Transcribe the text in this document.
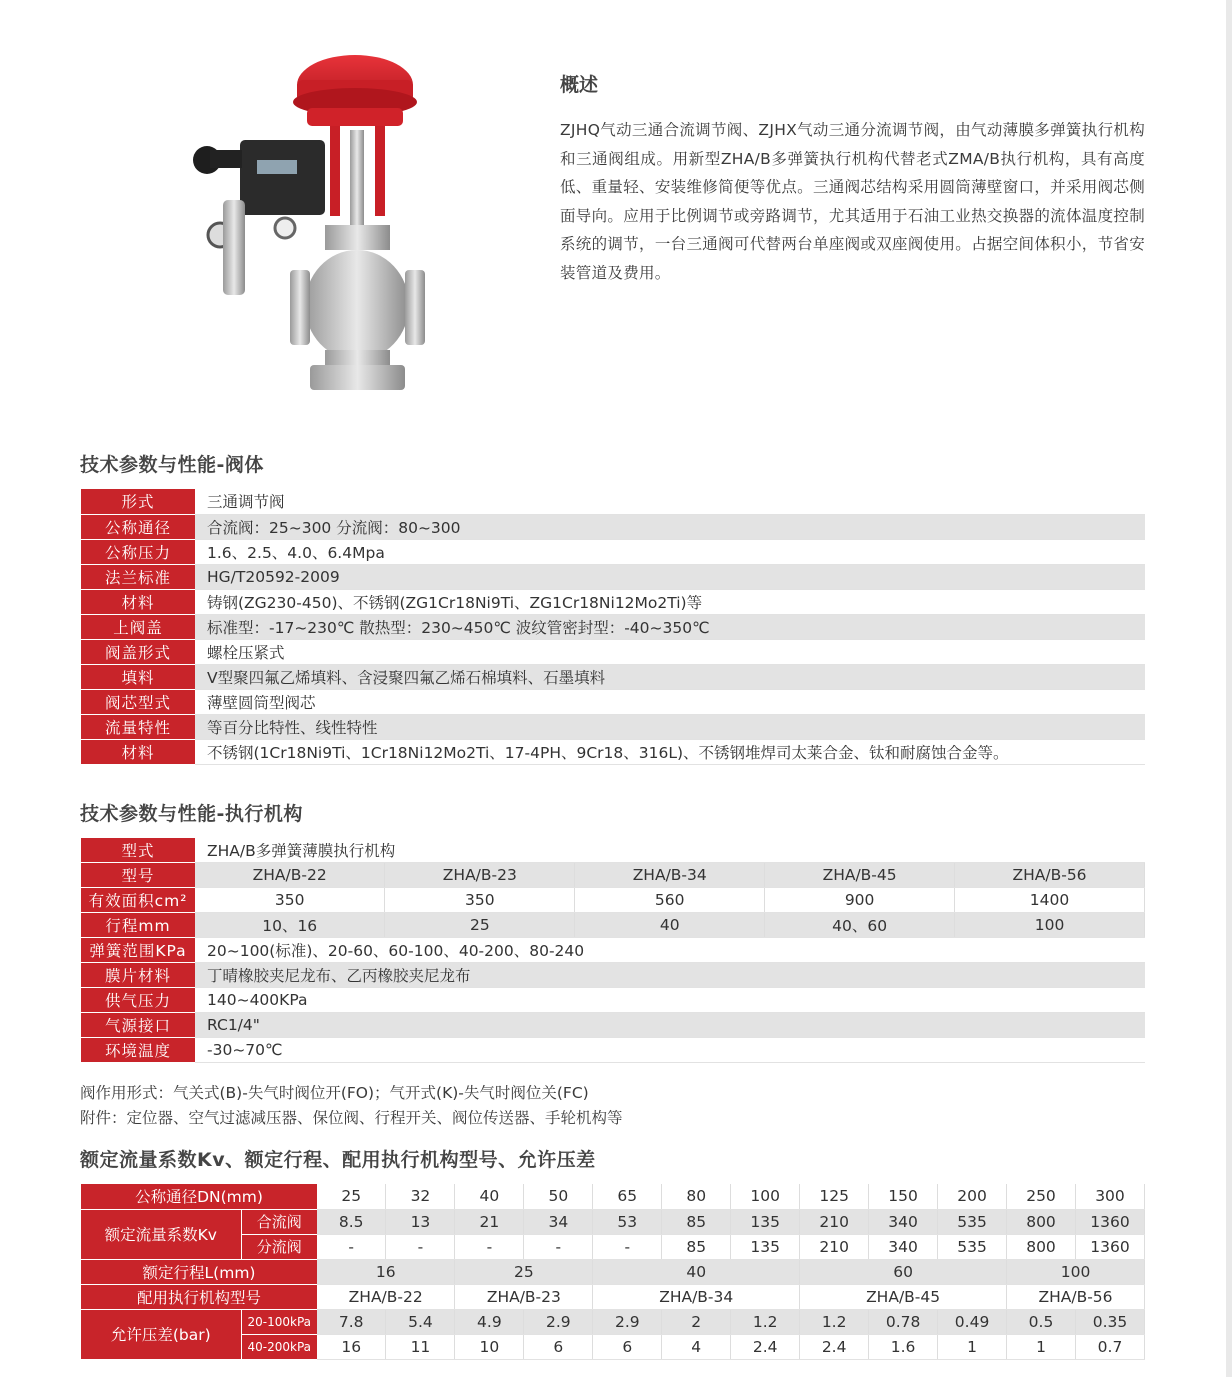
概述
ZJHQ气动三通合流调节阀、ZJHX气动三通分流调节阀，由气动薄膜多弹簧执行机构和三通阀组成。用新型ZHA/B多弹簧执行机构代替老式ZMA/B执行机构，具有高度低、重量轻、安装维修简便等优点。三通阀芯结构采用圆筒薄壁窗口，并采用阀芯侧面导向。应用于比例调节或旁路调节，尤其适用于石油工业热交换器的流体温度控制系统的调节，一台三通阀可代替两台单座阀或双座阀使用。占据空间体积小，节省安装管道及费用。
技术参数与性能-阀体
形式	三通调节阀
公称通径	合流阀：25~300 分流阀：80~300
公称压力	1.6、2.5、4.0、6.4Mpa
法兰标准	HG/T20592-2009
材料	铸钢(ZG230-450)、不锈钢(ZG1Cr18Ni9Ti、ZG1Cr18Ni12Mo2Ti)等
上阀盖	标准型：-17~230℃ 散热型：230~450℃ 波纹管密封型：-40~350℃
阀盖形式	螺栓压紧式
填料	V型聚四氟乙烯填料、含浸聚四氟乙烯石棉填料、石墨填料
阀芯型式	薄壁圆筒型阀芯
流量特性	等百分比特性、线性特性
材料	不锈钢(1Cr18Ni9Ti、1Cr18Ni12Mo2Ti、17-4PH、9Cr18、316L)、不锈钢堆焊司太莱合金、钛和耐腐蚀合金等。
技术参数与性能-执行机构
型式	ZHA/B多弹簧薄膜执行机构				
型号	ZHA/B-22	ZHA/B-23	ZHA/B-34	ZHA/B-45	ZHA/B-56
有效面积cm²	350	350	560	900	1400
行程mm	10、16	25	40	40、60	100
弹簧范围KPa	20~100(标准)、20-60、60-100、40-200、80-240				
膜片材料	丁晴橡胶夹尼龙布、乙丙橡胶夹尼龙布				
供气压力	140~400KPa				
气源接口	RC1/4"				
环境温度	-30~70℃				
阀作用形式：气关式(B)-失气时阀位开(FO)；气开式(K)-失气时阀位关(FC)
附件：定位器、空气过滤减压器、保位阀、行程开关、阀位传送器、手轮机构等
额定流量系数Kv、额定行程、配用执行机构型号、允许压差
公称通径DN(mm)		25	32	40	50	65	80	100	125	150	200	250	300
额定流量系数Kv	合流阀	8.5	13	21	34	53	85	135	210	340	535	800	1360
	分流阀	-	-	-	-	-	85	135	210	340	535	800	1360
额定行程L(mm)		16		25		40			60			100	
配用执行机构型号		ZHA/B-22		ZHA/B-23		ZHA/B-34			ZHA/B-45			ZHA/B-56	
允许压差(bar)	20-100kPa	7.8	5.4	4.9	2.9	2.9	2	1.2	1.2	0.78	0.49	0.5	0.35
	40-200kPa	16	11	10	6	6	4	2.4	2.4	1.6	1	1	0.7
